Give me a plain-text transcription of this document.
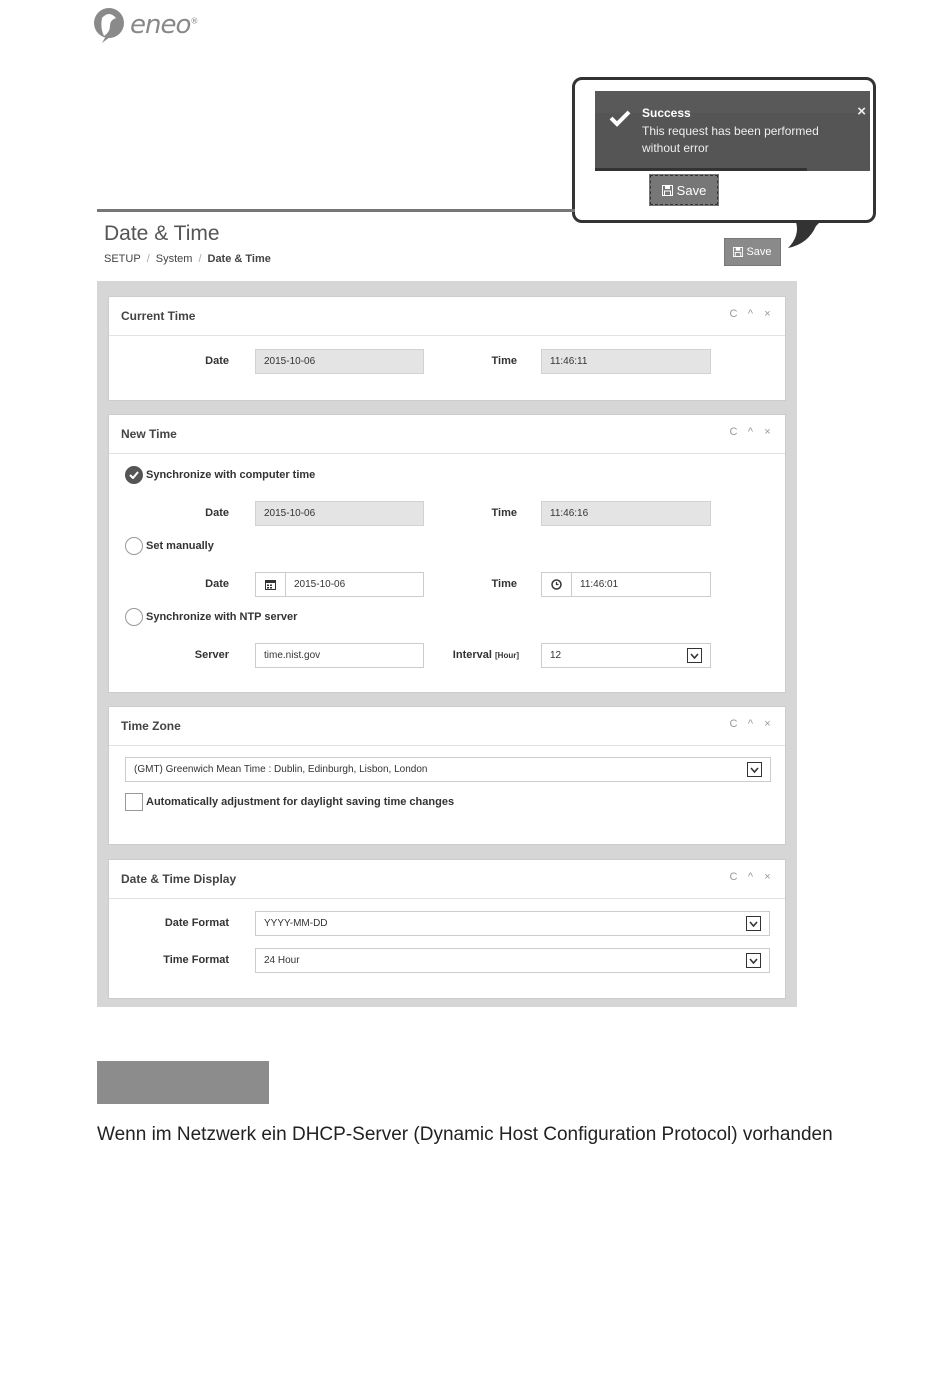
eneo®
Success
This request has been performed without error
×
Save
Date & Time
SETUP / System / Date & Time
Save
Current Time	C ^ ×
Date	2015-10-06	Time	11:46:11
New Time	C ^ ×
Synchronize with computer time
Date	2015-10-06	Time	11:46:16
Set manually
Date	2015-10-06	Time	11:46:01
Synchronize with NTP server
Server	time.nist.gov	Interval [Hour]	12
Time Zone	C ^ ×
(GMT) Greenwich Mean Time : Dublin, Edinburgh, Lisbon, London
Automatically adjustment for daylight saving time changes
Date & Time Display	C ^ ×
Date Format	YYYY-MM-DD
Time Format	24 Hour
Wenn im Netzwerk ein DHCP-Server (Dynamic Host Configuration Protocol) vorhanden
